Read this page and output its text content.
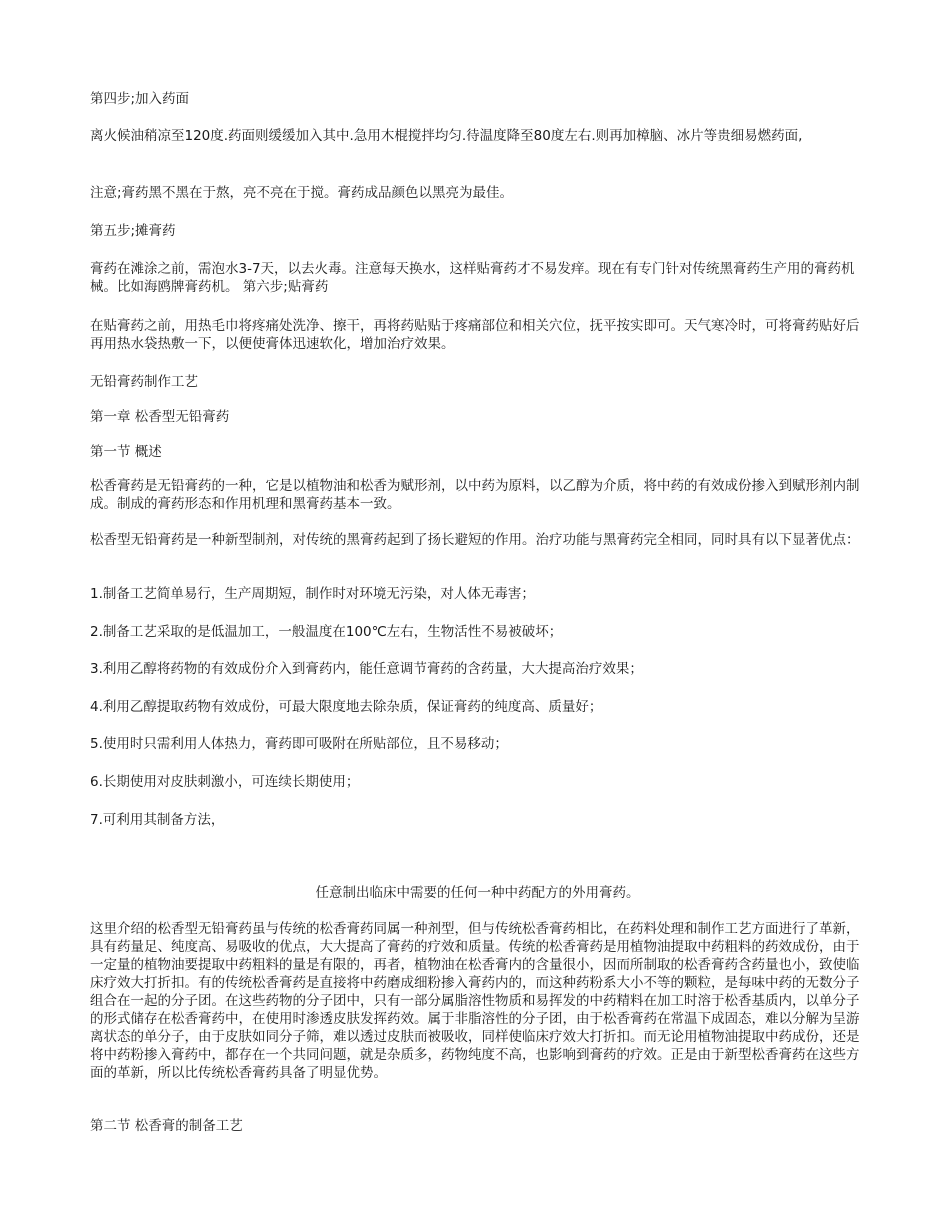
第四步;加入药面

离火候油稍凉至120度.药面则缓缓加入其中.急用木棍搅拌均匀.待温度降至80度左右.则再加樟脑、冰片等贵细易燃药面,

注意;膏药黑不黑在于熬，亮不亮在于搅。膏药成品颜色以黑亮为最佳。

第五步;摊膏药

膏药在滩涂之前，需泡水3-7天，以去火毒。注意每天换水，这样贴膏药才不易发痒。现在有专门针对传统黑膏药生产用的膏药机械。比如海鸥牌膏药机。 第六步;贴膏药

在贴膏药之前，用热毛巾将疼痛处洗净、擦干，再将药贴贴于疼痛部位和相关穴位，抚平按实即可。天气寒冷时，可将膏药贴好后再用热水袋热敷一下，以便使膏体迅速软化，增加治疗效果。

无铅膏药制作工艺

第一章 松香型无铅膏药

第一节 概述

松香膏药是无铅膏药的一种，它是以植物油和松香为赋形剂，以中药为原料，以乙醇为介质，将中药的有效成份掺入到赋形剂内制成。制成的膏药形态和作用机理和黑膏药基本一致。

松香型无铅膏药是一种新型制剂，对传统的黑膏药起到了扬长避短的作用。治疗功能与黑膏药完全相同，同时具有以下显著优点：

1.制备工艺简单易行，生产周期短，制作时对环境无污染，对人体无毒害；

2.制备工艺采取的是低温加工，一般温度在100℃左右，生物活性不易被破坏；

3.利用乙醇将药物的有效成份介入到膏药内，能任意调节膏药的含药量，大大提高治疗效果；

4.利用乙醇提取药物有效成份，可最大限度地去除杂质，保证膏药的纯度高、质量好；

5.使用时只需利用人体热力，膏药即可吸附在所贴部位，且不易移动；

6.长期使用对皮肤刺激小，可连续长期使用；

7.可利用其制备方法，

任意制出临床中需要的任何一种中药配方的外用膏药。

这里介绍的松香型无铅膏药虽与传统的松香膏药同属一种剂型，但与传统松香膏药相比，在药料处理和制作工艺方面进行了革新，具有药量足、纯度高、易吸收的优点，大大提高了膏药的疗效和质量。传统的松香膏药是用植物油提取中药粗料的药效成份，由于一定量的植物油要提取中药粗料的量是有限的，再者，植物油在松香膏内的含量很小，因而所制取的松香膏药含药量也小，致使临床疗效大打折扣。有的传统松香膏药是直接将中药磨成细粉掺入膏药内的，而这种药粉系大小不等的颗粒，是每味中药的无数分子组合在一起的分子团。在这些药物的分子团中，只有一部分属脂溶性物质和易挥发的中药精料在加工时溶于松香基质内，以单分子的形式储存在松香膏药中，在使用时渗透皮肤发挥药效。属于非脂溶性的分子团，由于松香膏药在常温下成固态，难以分解为呈游离状态的单分子，由于皮肤如同分子筛，难以透过皮肤而被吸收，同样使临床疗效大打折扣。而无论用植物油提取中药成份，还是将中药粉掺入膏药中，都存在一个共同问题，就是杂质多，药物纯度不高，也影响到膏药的疗效。正是由于新型松香膏药在这些方面的革新，所以比传统松香膏药具备了明显优势。

第二节 松香膏的制备工艺
